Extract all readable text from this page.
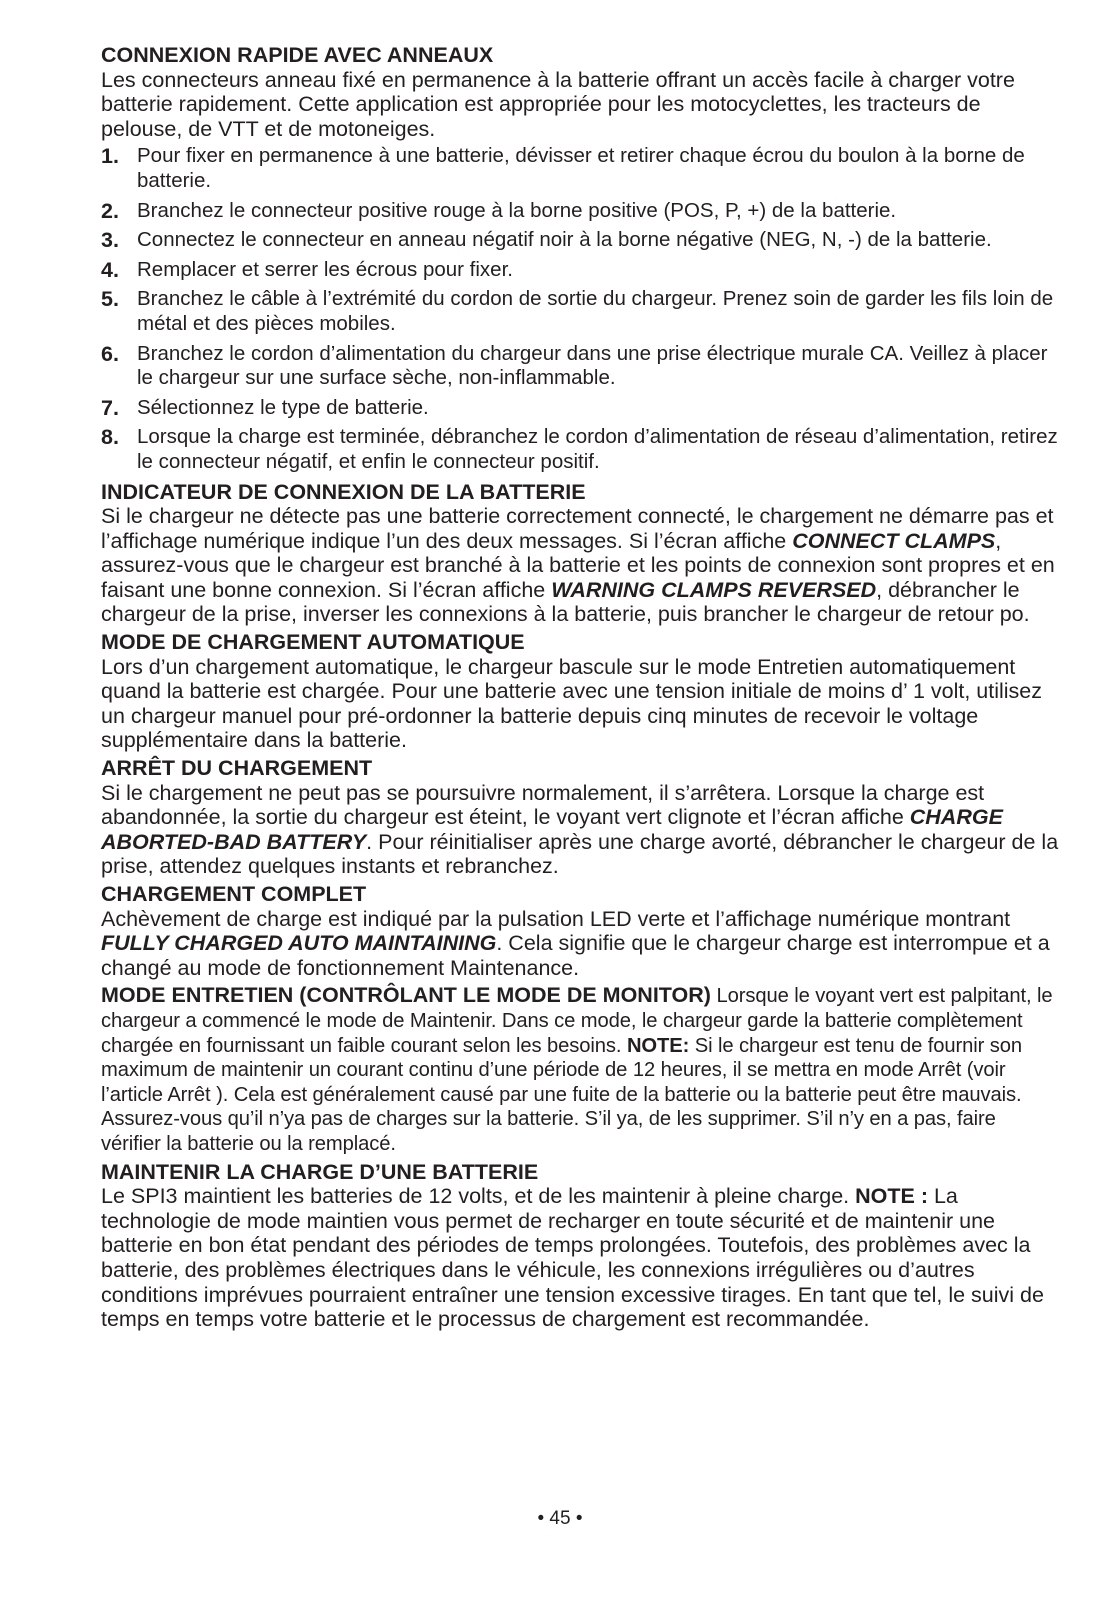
CONNEXION RAPIDE AVEC ANNEAUX

Les connecteurs anneau fixé en permanence à la batterie offrant un accès facile à charger votre batterie rapidement. Cette application est appropriée pour les motocyclettes, les tracteurs de pelouse, de VTT et de motoneiges.

1. Pour fixer en permanence à une batterie, dévisser et retirer chaque écrou du boulon à la borne de batterie.
2. Branchez le connecteur positive rouge à la borne positive (POS, P, +) de la batterie.
3. Connectez le connecteur en anneau négatif noir à la borne négative (NEG, N, -) de la batterie.
4. Remplacer et serrer les écrous pour fixer.
5. Branchez le câble à l’extrémité du cordon de sortie du chargeur. Prenez soin de garder les fils loin de métal et des pièces mobiles.
6. Branchez le cordon d’alimentation du chargeur dans une prise électrique murale CA. Veillez à placer le chargeur sur une surface sèche, non-inflammable.
7. Sélectionnez le type de batterie.
8. Lorsque la charge est terminée, débranchez le cordon d’alimentation de réseau d’alimentation, retirez le connecteur négatif, et enfin le connecteur positif.

INDICATEUR DE CONNEXION DE LA BATTERIE

Si le chargeur ne détecte pas une batterie correctement connecté, le chargement ne démarre pas et l’affichage numérique indique l’un des deux messages. Si l’écran affiche CONNECT CLAMPS, assurez-vous que le chargeur est branché à la batterie et les points de connexion sont propres et en faisant une bonne connexion. Si l’écran affiche WARNING CLAMPS REVERSED, débrancher le chargeur de la prise, inverser les connexions à la batterie, puis brancher le chargeur de retour po.

MODE DE CHARGEMENT AUTOMATIQUE

Lors d’un chargement automatique, le chargeur bascule sur le mode Entretien automatiquement quand la batterie est chargée. Pour une batterie avec une tension initiale de moins d’ 1 volt, utilisez un chargeur manuel pour pré-ordonner la batterie depuis cinq minutes de recevoir le voltage supplémentaire dans la batterie.

ARRÊT DU CHARGEMENT

Si le chargement ne peut pas se poursuivre normalement, il s’arrêtera. Lorsque la charge est abandonnée, la sortie du chargeur est éteint, le voyant vert clignote et l’écran affiche CHARGE ABORTED-BAD BATTERY. Pour réinitialiser après une charge avorté, débrancher le chargeur de la prise, attendez quelques instants et rebranchez.

CHARGEMENT COMPLET

Achèvement de charge est indiqué par la pulsation LED verte et l’affichage numérique montrant FULLY CHARGED AUTO MAINTAINING. Cela signifie que le chargeur charge est interrompue et a changé au mode de fonctionnement Maintenance.

MODE ENTRETIEN (CONTRÔLANT LE MODE DE MONITOR) Lorsque le voyant vert est palpitant, le chargeur a commencé le mode de Maintenir. Dans ce mode, le chargeur garde la batterie complètement chargée en fournissant un faible courant selon les besoins. NOTE: Si le chargeur est tenu de fournir son maximum de maintenir un courant continu d’une période de 12 heures, il se mettra en mode Arrêt (voir l’article Arrêt ). Cela est généralement causé par une fuite de la batterie ou la batterie peut être mauvais. Assurez-vous qu’il n’ya pas de charges sur la batterie. S’il ya, de les supprimer. S’il n’y en a pas, faire vérifier la batterie ou la remplacé.

MAINTENIR LA CHARGE D’UNE BATTERIE

Le SPI3 maintient les batteries de 12 volts, et de les maintenir à pleine charge. NOTE : La technologie de mode maintien vous permet de recharger en toute sécurité et de maintenir une batterie en bon état pendant des périodes de temps prolongées. Toutefois, des problèmes avec la batterie, des problèmes électriques dans le véhicule, les connexions irrégulières ou d’autres conditions imprévues pourraient entraîner une tension excessive tirages. En tant que tel, le suivi de temps en temps votre batterie et le processus de chargement est recommandée.

• 45 •
